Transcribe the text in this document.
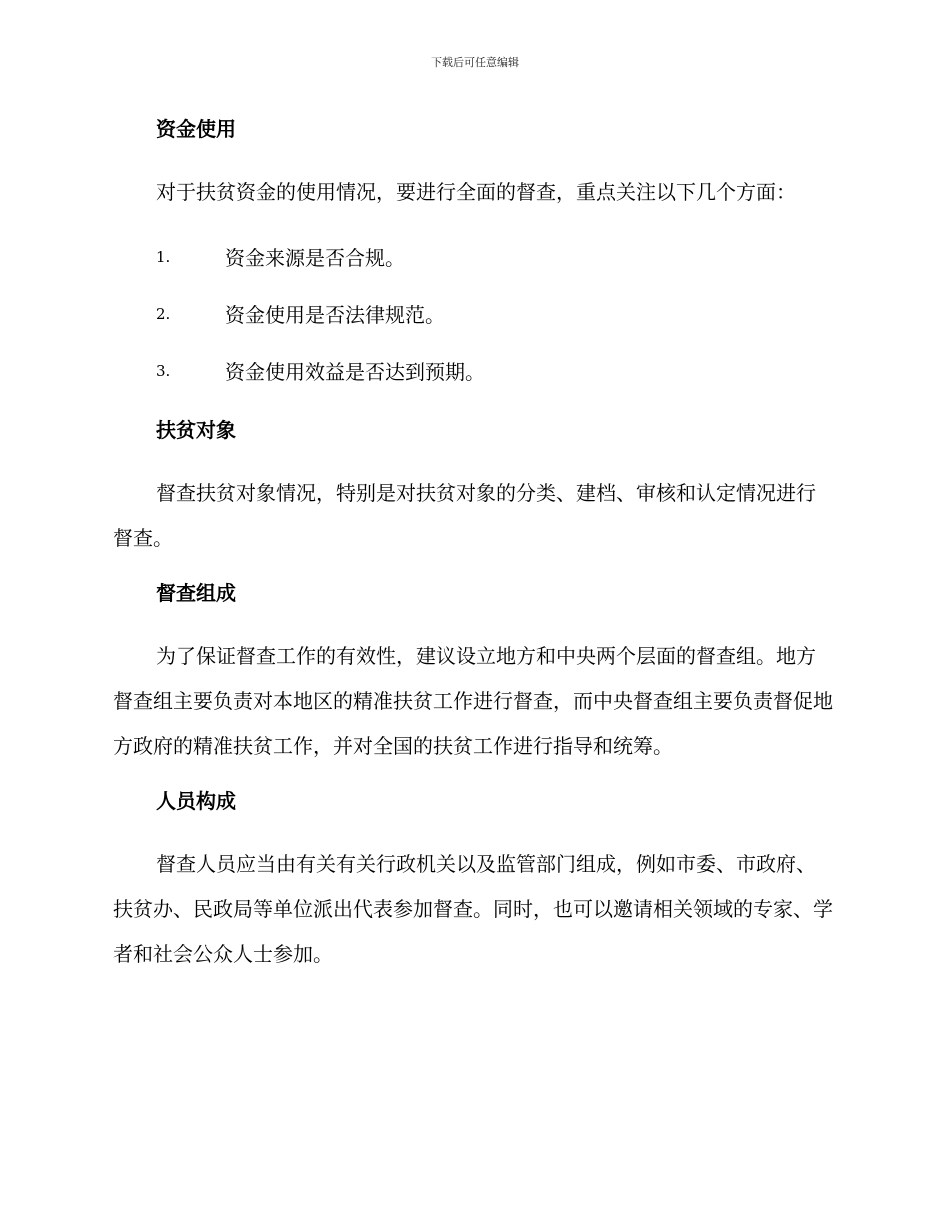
下载后可任意编辑
资金使用

对于扶贫资金的使用情况，要进行全面的督查，重点关注以下几个方面：

1.	资金来源是否合规。
2.	资金使用是否法律规范。
3.	资金使用效益是否达到预期。
扶贫对象

督查扶贫对象情况，特别是对扶贫对象的分类、建档、审核和认定情况进行督查。

督查组成

为了保证督查工作的有效性，建议设立地方和中央两个层面的督查组。地方督查组主要负责对本地区的精准扶贫工作进行督查，而中央督查组主要负责督促地方政府的精准扶贫工作，并对全国的扶贫工作进行指导和统筹。

人员构成

督查人员应当由有关有关行政机关以及监管部门组成，例如市委、市政府、扶贫办、民政局等单位派出代表参加督查。同时，也可以邀请相关领域的专家、学者和社会公众人士参加。
